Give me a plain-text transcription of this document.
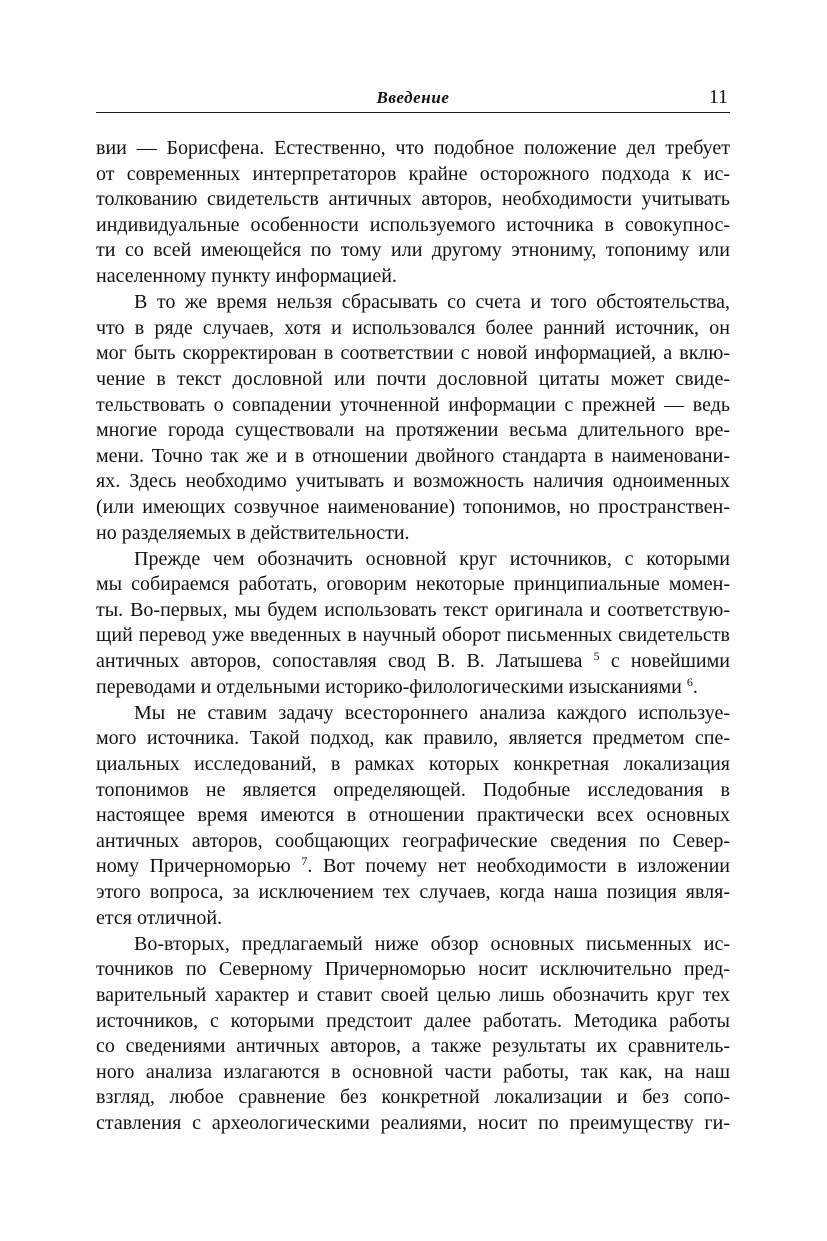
Введение	11
вии — Борисфена. Естественно, что подобное положение дел требует
от современных интерпретаторов крайне осторожного подхода к ис-
толкованию свидетельств античных авторов, необходимости учитывать
индивидуальные особенности используемого источника в совокупнос-
ти со всей имеющейся по тому или другому этнониму, топониму или
населенному пункту информацией.
В то же время нельзя сбрасывать со счета и того обстоятельства,
что в ряде случаев, хотя и использовался более ранний источник, он
мог быть скорректирован в соответствии с новой информацией, а вклю-
чение в текст дословной или почти дословной цитаты может свиде-
тельствовать о совпадении уточненной информации с прежней — ведь
многие города существовали на протяжении весьма длительного вре-
мени. Точно так же и в отношении двойного стандарта в наименовани-
ях. Здесь необходимо учитывать и возможность наличия одноименных
(или имеющих созвучное наименование) топонимов, но пространствен-
но разделяемых в действительности.
Прежде чем обозначить основной круг источников, с которыми
мы собираемся работать, оговорим некоторые принципиальные момен-
ты. Во-первых, мы будем использовать текст оригинала и соответствую-
щий перевод уже введенных в научный оборот письменных свидетельств
античных авторов, сопоставляя свод В. В. Латышева $^5$ с новейшими
переводами и отдельными историко-филологическими изысканиями $^6$.
Мы не ставим задачу всестороннего анализа каждого используе-
мого источника. Такой подход, как правило, является предметом спе-
циальных исследований, в рамках которых конкретная локализация
топонимов не является определяющей. Подобные исследования в
настоящее время имеются в отношении практически всех основных
античных авторов, сообщающих географические сведения по Север-
ному Причерноморью $^7$. Вот почему нет необходимости в изложении
этого вопроса, за исключением тех случаев, когда наша позиция явля-
ется отличной.
Во-вторых, предлагаемый ниже обзор основных письменных ис-
точников по Северному Причерноморью носит исключительно пред-
варительный характер и ставит своей целью лишь обозначить круг тех
источников, с которыми предстоит далее работать. Методика работы
со сведениями античных авторов, а также результаты их сравнитель-
ного анализа излагаются в основной части работы, так как, на наш
взгляд, любое сравнение без конкретной локализации и без сопо-
ставления с археологическими реалиями, носит по преимуществу ги-
